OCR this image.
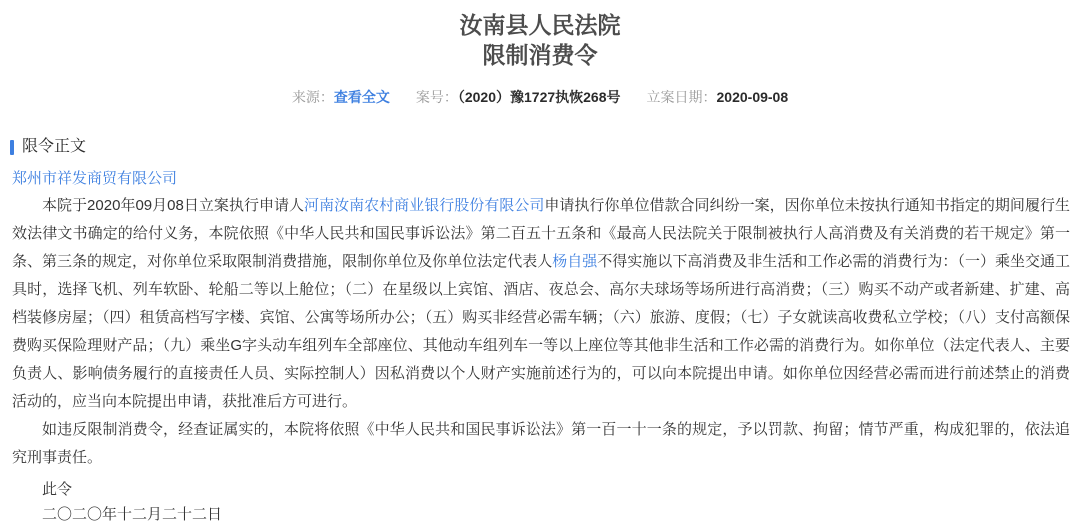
汝南县人民法院
限制消费令
来源：查看全文 案号：（2020）豫1727执恢268号 立案日期：2020-09-08
限令正文
郑州市祥发商贸有限公司

本院于2020年09月08日立案执行申请人河南汝南农村商业银行股份有限公司申请执行你单位借款合同纠纷一案，因你单位未按执行通知书指定的期间履行生效法律文书确定的给付义务，本院依照《中华人民共和国民事诉讼法》第二百五十五条和《最高人民法院关于限制被执行人高消费及有关消费的若干规定》第一条、第三条的规定，对你单位采取限制消费措施，限制你单位及你单位法定代表人杨自强不得实施以下高消费及非生活和工作必需的消费行为：（一）乘坐交通工具时，选择飞机、列车软卧、轮船二等以上舱位；（二）在星级以上宾馆、酒店、夜总会、高尔夫球场等场所进行高消费；（三）购买不动产或者新建、扩建、高档装修房屋；（四）租赁高档写字楼、宾馆、公寓等场所办公；（五）购买非经营必需车辆；（六）旅游、度假；（七）子女就读高收费私立学校；（八）支付高额保费购买保险理财产品；（九）乘坐G字头动车组列车全部座位、其他动车组列车一等以上座位等其他非生活和工作必需的消费行为。如你单位（法定代表人、主要负责人、影响债务履行的直接责任人员、实际控制人）因私消费以个人财产实施前述行为的，可以向本院提出申请。如你单位因经营必需而进行前述禁止的消费活动的，应当向本院提出申请，获批准后方可进行。

如违反限制消费令，经查证属实的，本院将依照《中华人民共和国民事诉讼法》第一百一十一条的规定，予以罚款、拘留；情节严重，构成犯罪的，依法追究刑事责任。

此令
二〇二〇年十二月二十二日
